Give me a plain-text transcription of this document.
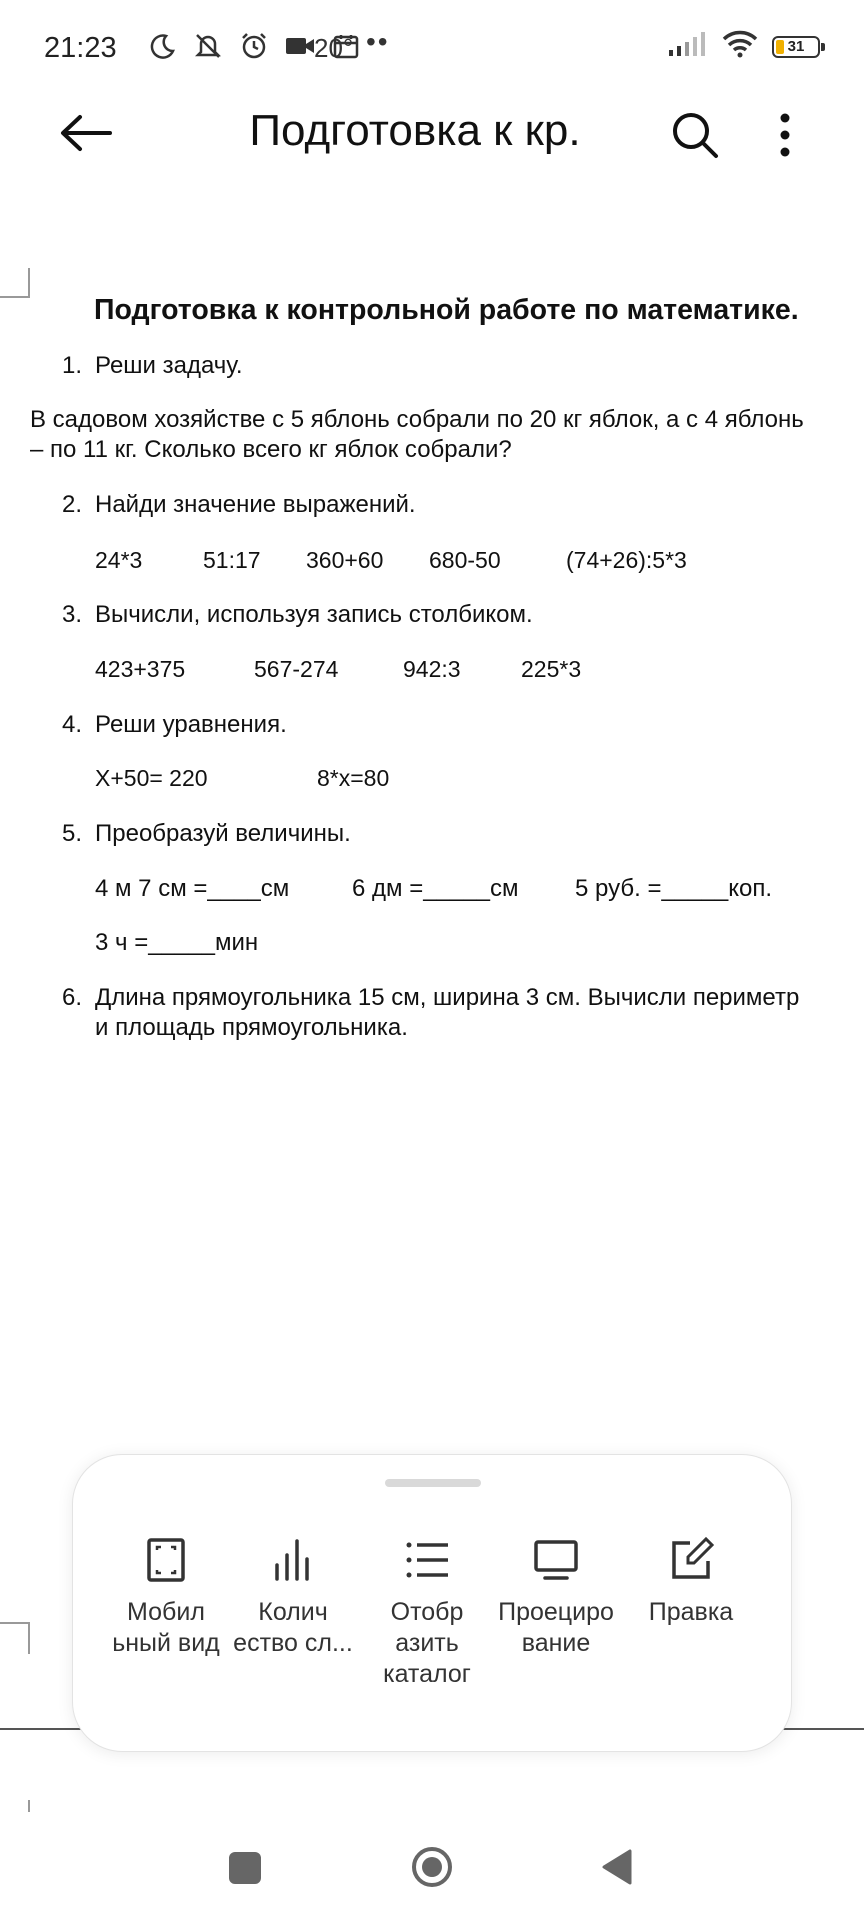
21:23	20° ••	31
Подготовка к кр.
Подготовка к контрольной работе по математике.
1. Реши задачу.
В садовом хозяйстве с 5 яблонь собрали по 20 кг яблок, а с 4 яблонь
– по 11 кг. Сколько всего кг яблок собрали?
2. Найди значение выражений.
24*3	51:17	360+60	680-50	(74+26):5*3
3. Вычисли, используя запись столбиком.
423+375	567-274	942:3	225*3
4. Реши уравнения.
Х+50= 220	8*х=80
5. Преобразуй величины.
4 м 7 см =____см	6 дм =_____см	5 руб. =_____коп.
3 ч =_____мин
6. Длина прямоугольника 15 см, ширина 3 см. Вычисли периметр
и площадь прямоугольника.
Мобил
ьный вид
Колич
ество сл...
Отобр
азить
каталог
Проециро
вание
Правка
